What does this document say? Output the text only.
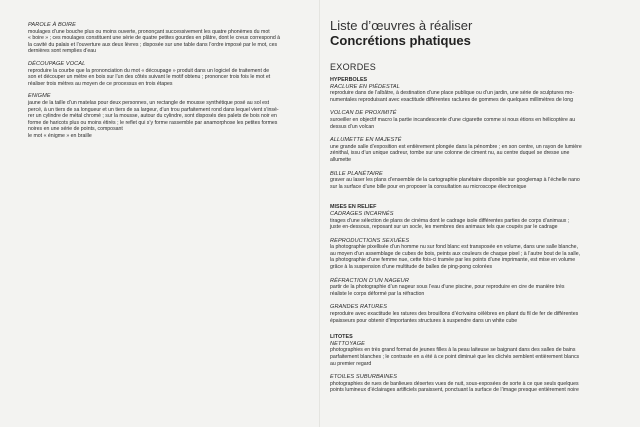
PAROLE À BOIRE

moulages d’une bouche plus ou moins ouverte, prononçant successivement les quatre phonèmes du mot
« boire » ; ces moulages constituent une série de quatre petites gourdes en plâtre, dont le creux correspond à
la cavité du palais et l’ouverture aux deux lèvres ; disposée sur une table dans l’ordre imposé par le mot, ces
dernières sont remplies d’eau

DÉCOUPAGE VOCAL

reproduire la courbe que la prononciation du mot « découpage » produit dans un logiciel de traitement de
son et découper un mètre en bois sur l’un des côtés suivant le motif obtenu ; prononcer trois fois le mot et
réaliser trois mètres au moyen de ce processus en trois étapes

ENIGME

jaune de la taille d’un matelas pour deux personnes, un rectangle de mousse synthétique posé au sol est
percé, à un tiers de sa longueur et un tiers de sa largeur, d’un trou parfaitement rond dans lequel vient s’insé-
rer un cylindre de métal chromé ; sur la mousse, autour du cylindre, sont disposés des palets de bois noir en
forme de haricots plus ou moins étirés ; le reflet qui s’y forme rassemble par anamorphose les petites formes
noires en une série de points, composant
le mot « énigme » en braille

Liste d’œuvres à réaliser
Concrétions phatiques
EXORDES
HYPERBOLES

RACLURE EN PIÉDESTAL

reproduire dans de l’albâtre, à destination d’une place publique ou d’un jardin, une série de sculptures mo-
numentales reproduisant avec exactitude différentes raclures de gommes de quelques millimètres de long

VOLCAN DE PROXIMITÉ

suroeiller en objectif macro la partie incandescente d’une cigarette comme si nous étions en hélicoptère au
dessus d’un volcan

ALLUMETTE EN MAJESTÉ

une grande salle d’exposition est entièrement plongée dans la pénombre ; en son centre, un rayon de lumière
zénithal, issu d’un unique cadreur, tombe sur une colonne de ciment nu, au centre duquel se dresse une
allumette

BILLE PLANÉTAIRE

graver au laser les plans d’ensemble de la cartographie planétaire disponible sur googlemap à l’échelle nano
sur la surface d’une bille pour en proposer la consultation au microscope électronique

MISES EN RELIEF

CADRAGES INCARNÉS

tirages d’une sélection de plans de cinéma dont le cadrage isole différentes parties de corps d’animaux ;
juste en-dessous, reposant sur un socle, les membres des animaux tels que coupés par le cadrage

REPRODUCTIONS SEXUÉES

la photographie pixellisée d’un homme nu sur fond blanc est transposée en volume, dans une salle blanche,
au moyen d’un assemblage de cubes de bois, peints aux couleurs de chaque pixel ; à l’autre bout de la salle,
la photographie d’une femme nue, cette fois-ci tramée par les points d’une imprimante, est mise en volume
grâce à la suspension d’une multitude de balles de ping-pong colorées

RÉFRACTION D’UN NAGEUR

partir de la photographie d’un nageur sous l’eau d’une piscine, pour reproduire en cire de manière très
réaliste le corps déformé par la réfraction

GRANDES RATURES

reproduire avec exactitude les ratures des brouillons d’écrivains célèbres en pliant du fil de fer de différentes
épaisseurs pour obtenir d’importantes structures à suspendre dans un white cube

LITOTES

NETTOYAGE

photographies en très grand format de jeunes filles à la peau laiteuse se baignant dans des salles de bains
parfaitement blanches ; le contraste en a été à ce point diminué que les clichés semblent entièrement blancs
au premier regard

ETOILES SUBURBAINES

photographies de rues de banlieues désertes vues de nuit, sous-exposées de sorte à ce que seuls quelques
points lumineux d’éclairages artificiels paraissent, ponctuant la surface de l’image presque entièrement noire
